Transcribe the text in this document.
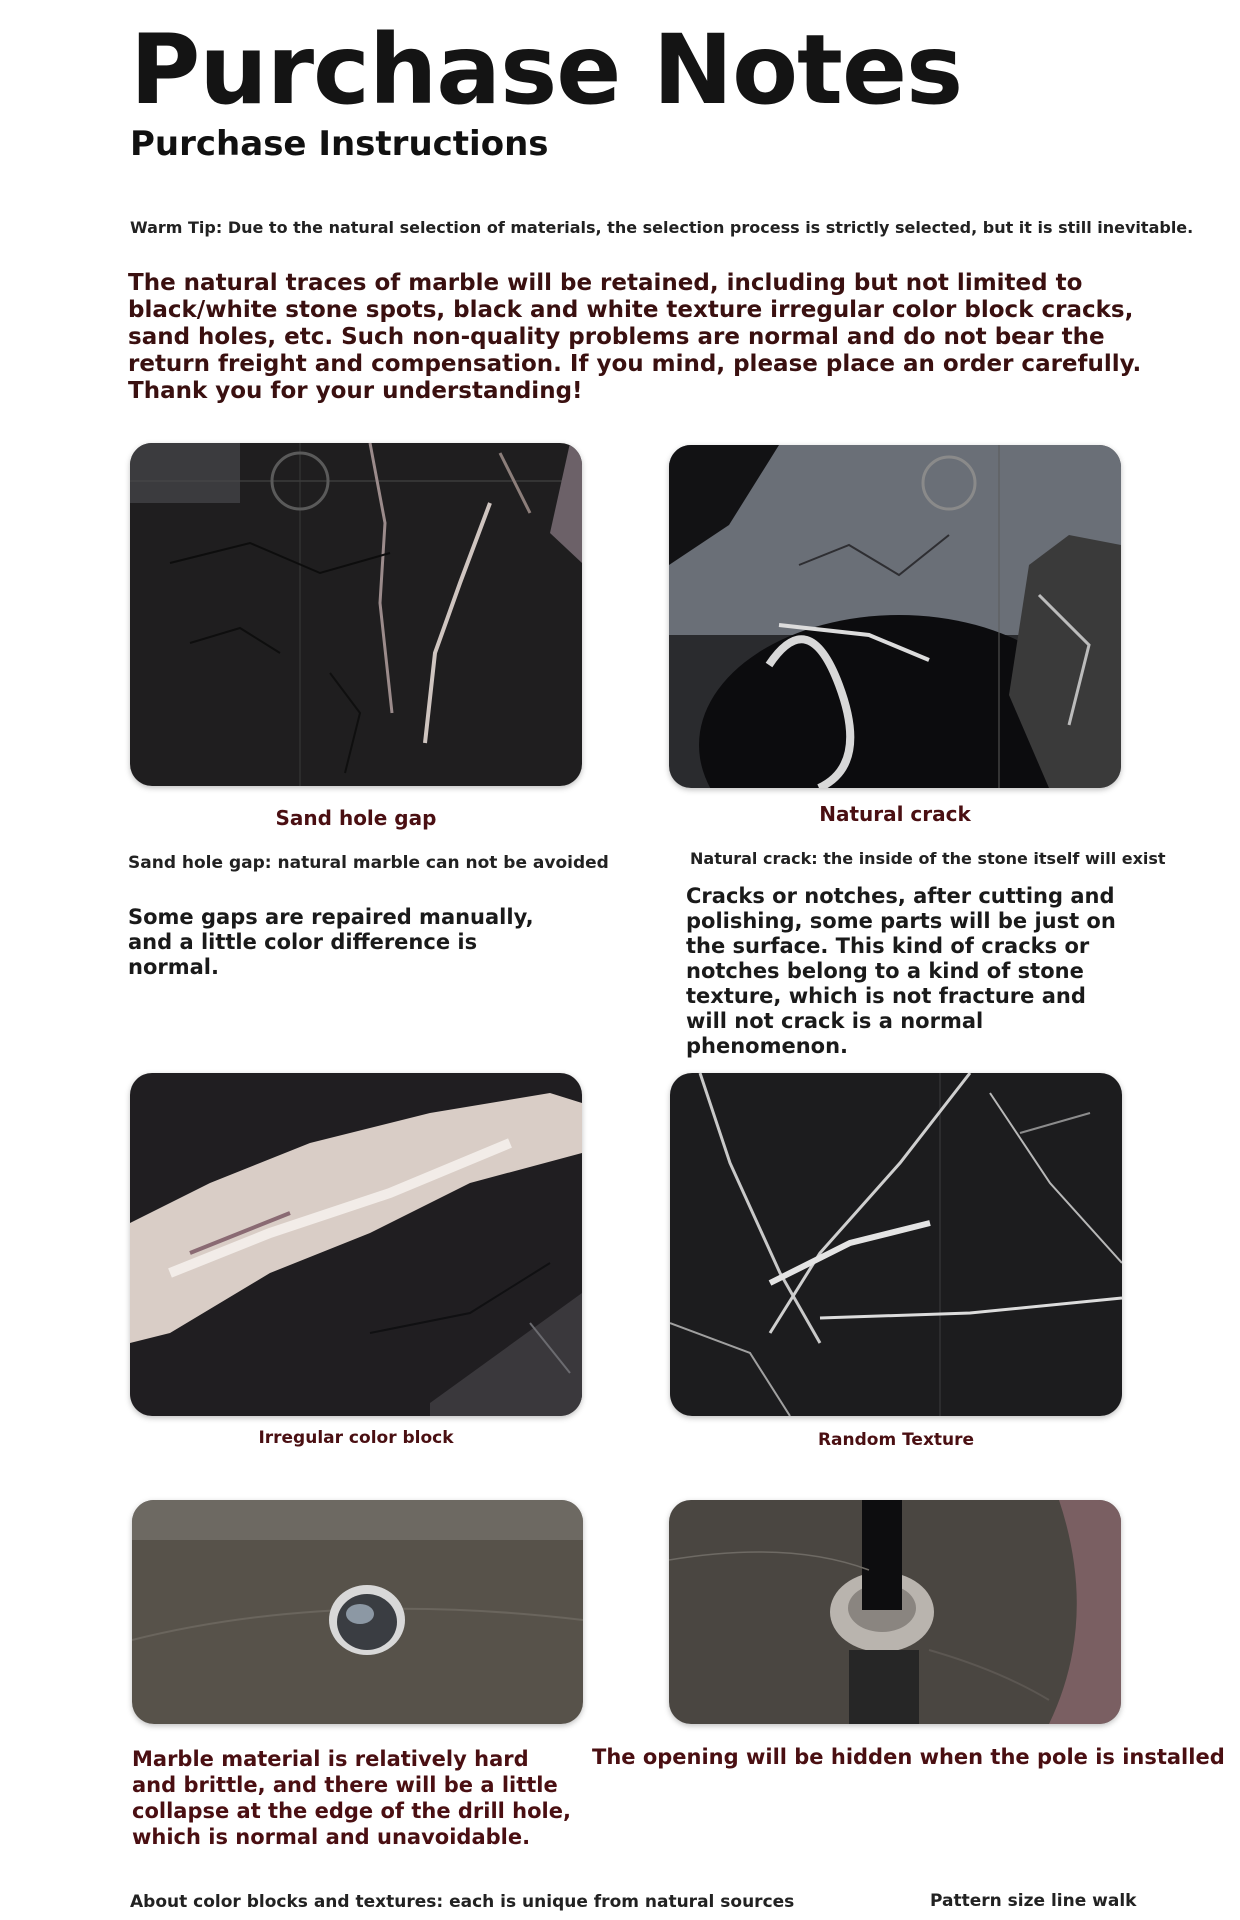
Purchase Notes
Purchase Instructions
Warm Tip: Due to the natural selection of materials, the selection process is strictly selected, but it is still inevitable.
The natural traces of marble will be retained, including but not limited to black/white stone spots, black and white texture irregular color block cracks, sand holes, etc. Such non-quality problems are normal and do not bear the return freight and compensation. If you mind, please place an order carefully. Thank you for your understanding!
Sand hole gap	Natural crack
Sand hole gap: natural marble can not be avoided	Natural crack: the inside of the stone itself will exist
Some gaps are repaired manually, and a little color difference is normal.
Cracks or notches, after cutting and polishing, some parts will be just on the surface. This kind of cracks or notches belong to a kind of stone texture, which is not fracture and will not crack is a normal phenomenon.
Irregular color block	Random Texture
Marble material is relatively hard and brittle, and there will be a little collapse at the edge of the drill hole, which is normal and unavoidable.
The opening will be hidden when the pole is installed
About color blocks and textures: each is unique from natural sources	Pattern size line walk
